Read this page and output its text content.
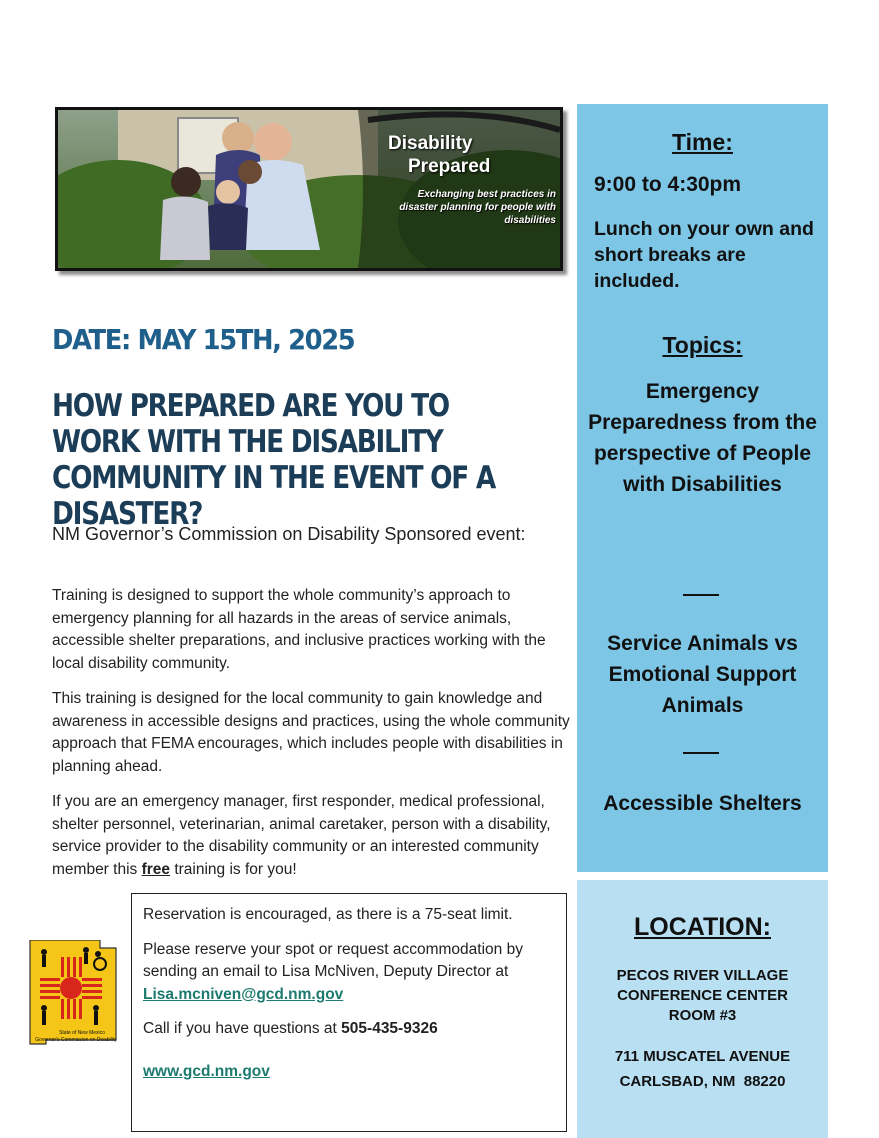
Disability
Prepared
Exchanging best practices in disaster planning for people with disabilities
DATE: MAY 15TH, 2025
HOW PREPARED ARE YOU TO WORK WITH THE DISABILITY COMMUNITY IN THE EVENT OF A DISASTER?
NM Governor’s Commission on Disability Sponsored event:
Training is designed to support the whole community’s approach to emergency planning for all hazards in the areas of service animals, accessible shelter preparations, and inclusive practices working with the local disability community.
This training is designed for the local community to gain knowledge and awareness in accessible designs and practices, using the whole community approach that FEMA encourages, which includes people with disabilities in planning ahead.
If you are an emergency manager, first responder, medical professional, shelter personnel, veterinarian, animal caretaker, person with a disability, service provider to the disability community or an interested community member this free training is for you!
State of New Mexico
Governor's Commission on Disability

Reservation is encouraged, as there is a 75-seat limit.

Please reserve your spot or request accommodation by sending an email to Lisa McNiven, Deputy Director at Lisa.mcniven@gcd.nm.gov

Call if you have questions at 505-435-9326

www.gcd.nm.gov
Time:
9:00 to 4:30pm
Lunch on your own and short breaks are included.
Topics:
Emergency Preparedness from the perspective of People with Disabilities
Service Animals vs Emotional Support Animals
Accessible Shelters
LOCATION:
PECOS RIVER VILLAGE
CONFERENCE CENTER
ROOM #3
711 MUSCATEL AVENUE
CARLSBAD, NM  88220
